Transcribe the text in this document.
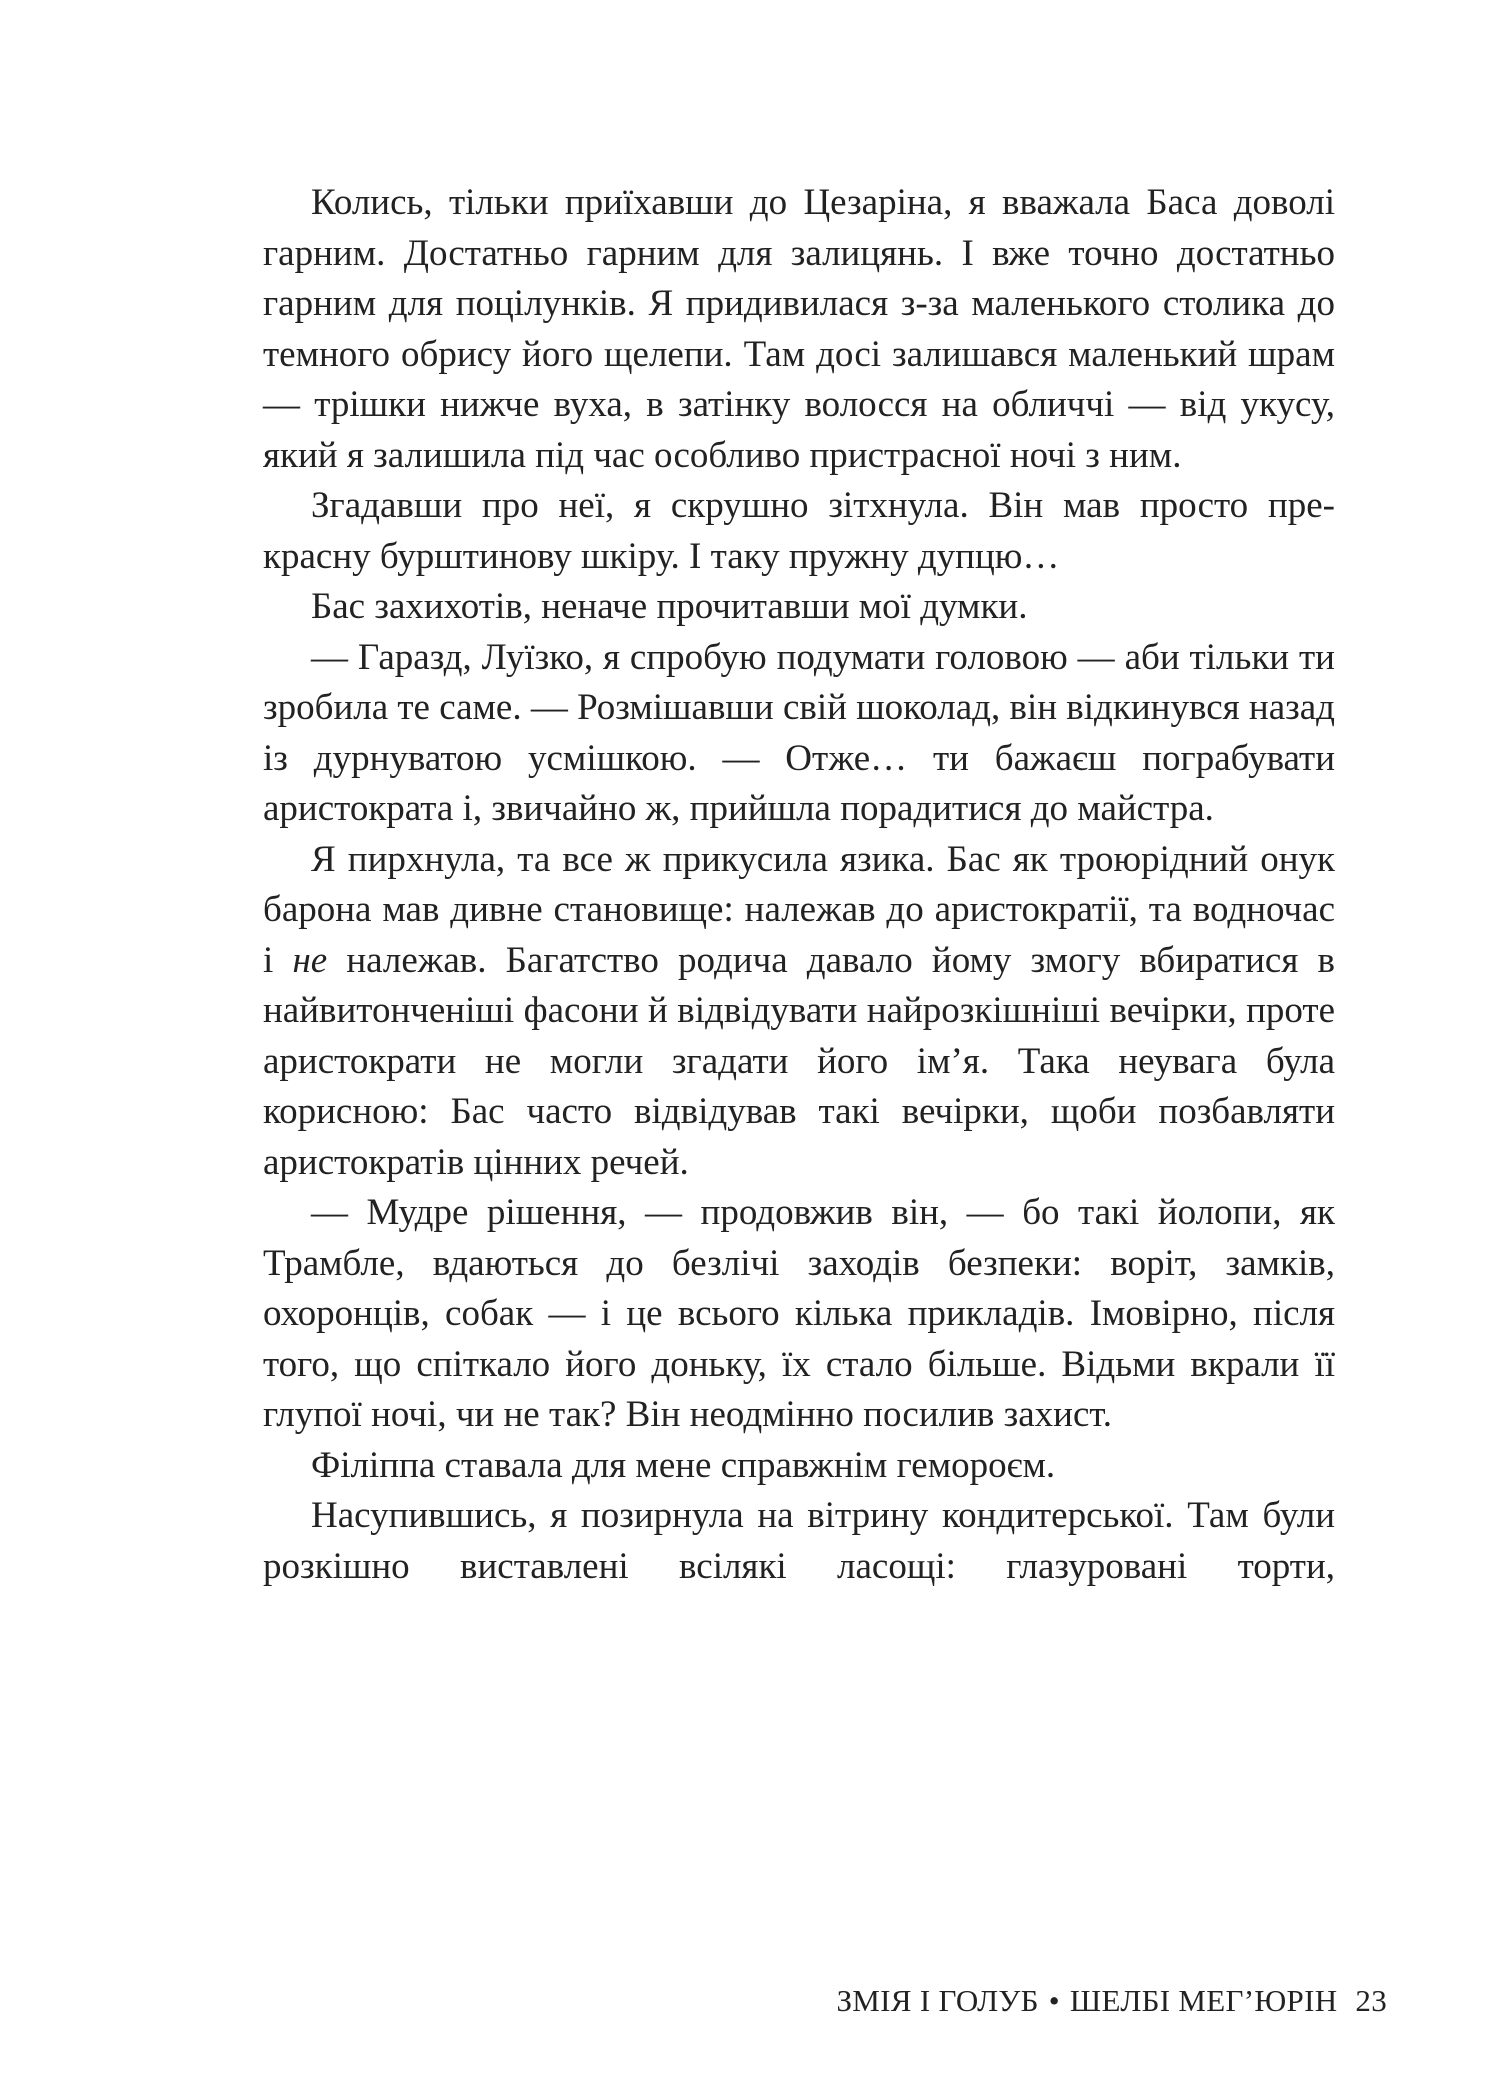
Колись, тільки приїхавши до Цезаріна, я вважала Баса доволі гарним. Достатньо гарним для залицянь. І вже точно достатньо гарним для поцілунків. Я придивилася з-за маленького столика до темного обрису його щелепи. Там досі залишався маленький шрам — трішки нижче вуха, в затінку волосся на обличчі — від укусу, який я залишила під час особливо пристрасної ночі з ним.

Згадавши про неї, я скрушно зітхнула. Він мав просто прекрасну бурштинову шкіру. І таку пружну дупцю…

Бас захихотів, неначе прочитавши мої думки.

— Гаразд, Луїзко, я спробую подумати головою — аби тільки ти зробила те саме. — Розмішавши свій шоколад, він відкинувся назад із дурнуватою усмішкою. — Отже… ти бажаєш пограбувати аристократа і, звичайно ж, прийшла порадитися до майстра.

Я пирхнула, та все ж прикусила язика. Бас як троюрідний онук барона мав дивне становище: належав до аристократії, та водночас і не належав. Багатство родича давало йому змогу вбиратися в найвитонченіші фасони й відвідувати найрозкішніші вечірки, проте аристократи не могли згадати його ім’я. Така неувага була корисною: Бас часто відвідував такі вечірки, щоби позбавляти аристократів цінних речей.

— Мудре рішення, — продовжив він, — бо такі йолопи, як Трамбле, вдаються до безлічі заходів безпеки: воріт, замків, охоронців, собак — і це всього кілька прикладів. Імовірно, після того, що спіткало його доньку, їх стало більше. Відьми вкрали її глупої ночі, чи не так? Він неодмінно посилив захист.

Філіппа ставала для мене справжнім гемороєм.

Насупившись, я позирнула на вітрину кондитерської. Там були розкішно виставлені всілякі ласощі: глазуровані торти,

ЗМІЯ І ГОЛУБ • ШЕЛБІ МЕГ’ЮРІН 23
